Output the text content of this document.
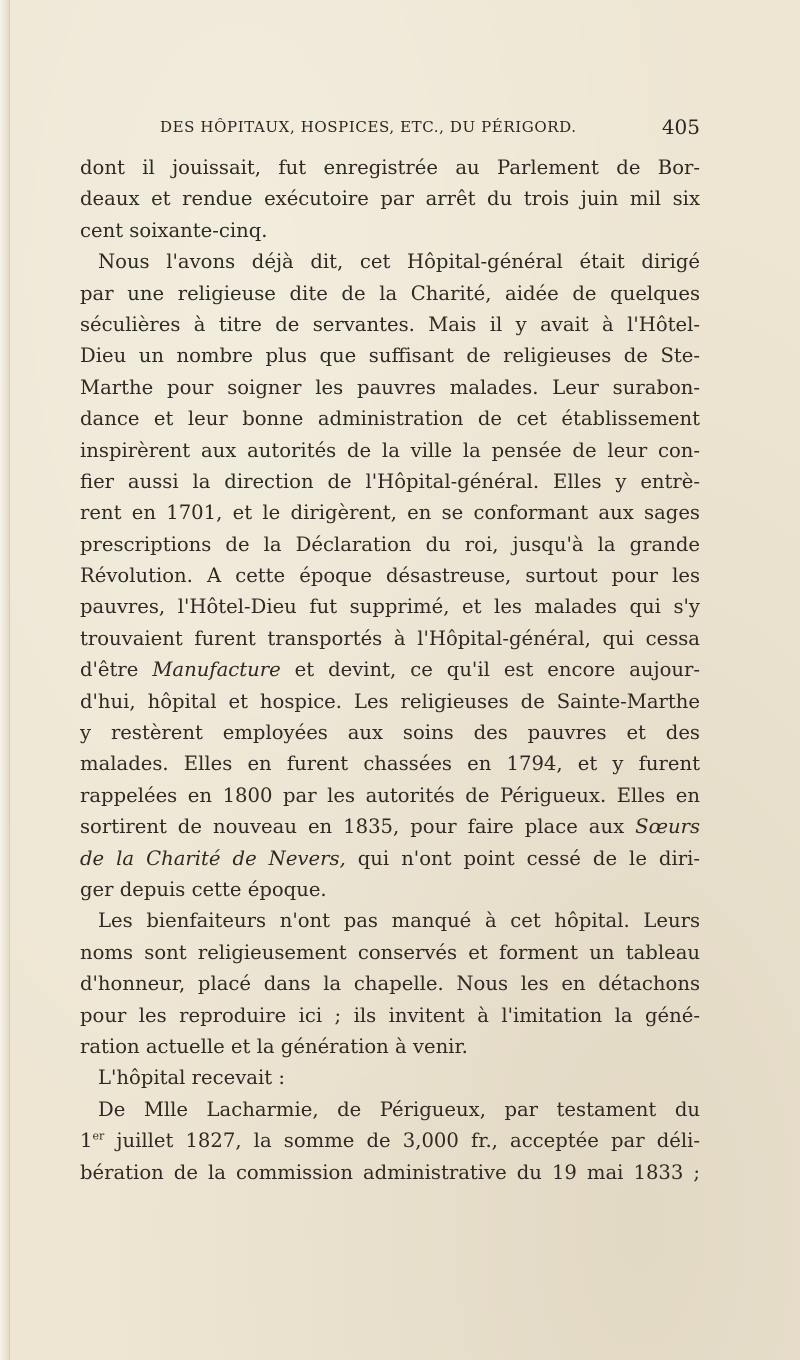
DES HÔPITAUX, HOSPICES, ETC., DU PÉRIGORD.	405
dont il jouissait, fut enregistrée au Parlement de Bor-
deaux et rendue exécutoire par arrêt du trois juin mil six
cent soixante-cinq.
Nous l'avons déjà dit, cet Hôpital-général était dirigé
par une religieuse dite de la Charité, aidée de quelques
séculières à titre de servantes. Mais il y avait à l'Hôtel-
Dieu un nombre plus que suffisant de religieuses de Ste-
Marthe pour soigner les pauvres malades. Leur surabon-
dance et leur bonne administration de cet établissement
inspirèrent aux autorités de la ville la pensée de leur con-
fier aussi la direction de l'Hôpital-général. Elles y entrè-
rent en 1701, et le dirigèrent, en se conformant aux sages
prescriptions de la Déclaration du roi, jusqu'à la grande
Révolution. A cette époque désastreuse, surtout pour les
pauvres, l'Hôtel-Dieu fut supprimé, et les malades qui s'y
trouvaient furent transportés à l'Hôpital-général, qui cessa
d'être Manufacture et devint, ce qu'il est encore aujour-
d'hui, hôpital et hospice. Les religieuses de Sainte-Marthe
y restèrent employées aux soins des pauvres et des
malades. Elles en furent chassées en 1794, et y furent
rappelées en 1800 par les autorités de Périgueux. Elles en
sortirent de nouveau en 1835, pour faire place aux Sœurs
de la Charité de Nevers, qui n'ont point cessé de le diri-
ger depuis cette époque.
Les bienfaiteurs n'ont pas manqué à cet hôpital. Leurs
noms sont religieusement conservés et forment un tableau
d'honneur, placé dans la chapelle. Nous les en détachons
pour les reproduire ici ; ils invitent à l'imitation la géné-
ration actuelle et la génération à venir.
L'hôpital recevait :
De Mlle Lacharmie, de Périgueux, par testament du
1er juillet 1827, la somme de 3,000 fr., acceptée par déli-
bération de la commission administrative du 19 mai 1833 ;
